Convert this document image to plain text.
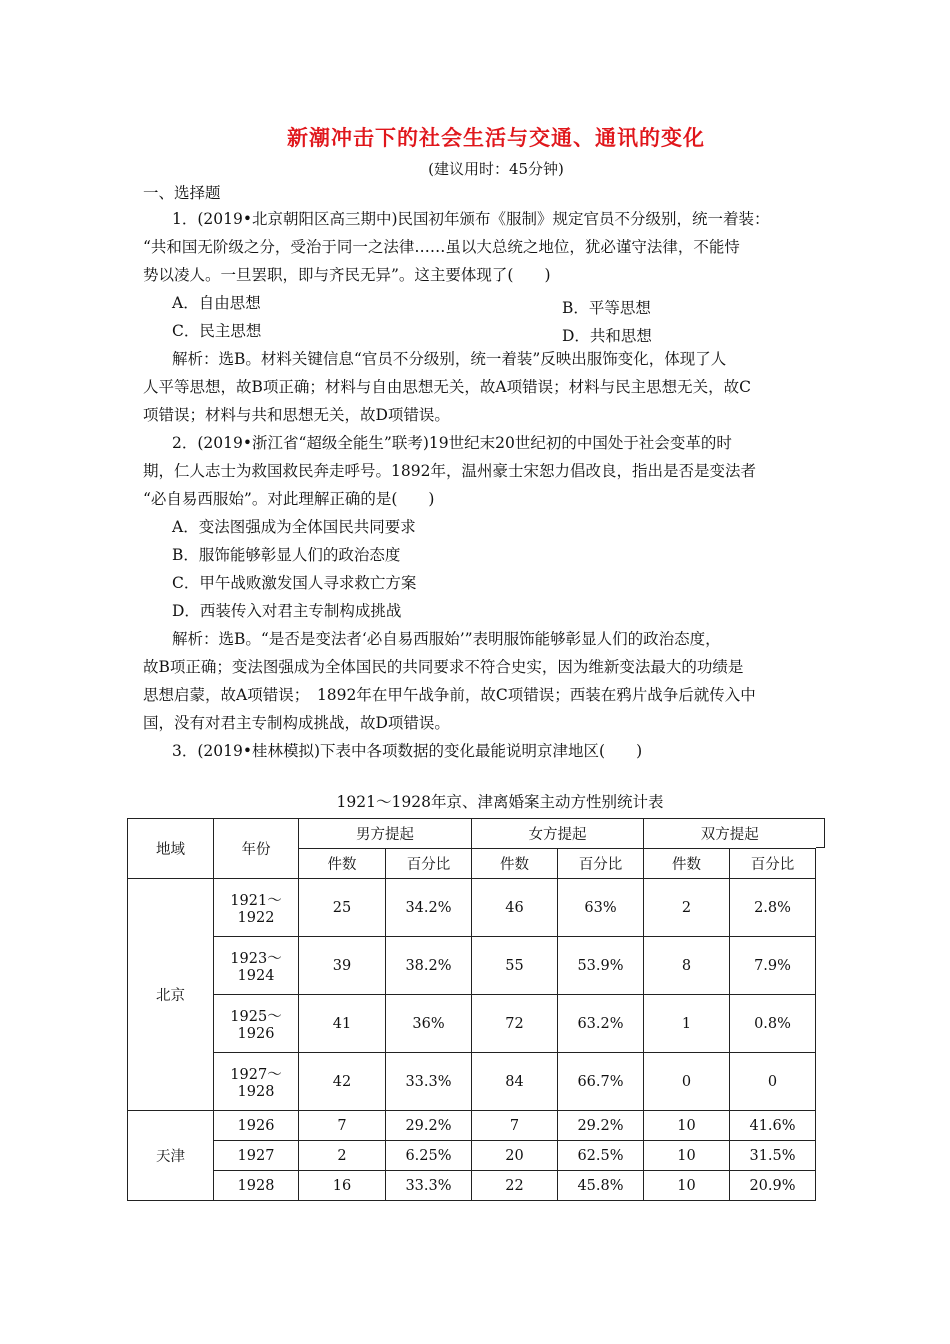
新潮冲击下的社会生活与交通、通讯的变化
(建议用时：45分钟)
一、选择题
1．(2019•北京朝阳区高三期中)民国初年颁布《服制》规定官员不分级别，统一着装：
“共和国无阶级之分，受治于同一之法律……虽以大总统之地位，犹必谨守法律，不能恃
势以凌人。一旦罢职，即与齐民无异”。这主要体现了(　　)
A．自由思想	B．平等思想
C．民主思想	D．共和思想
解析：选B。材料关键信息“官员不分级别，统一着装”反映出服饰变化，体现了人
人平等思想，故B项正确；材料与自由思想无关，故A项错误；材料与民主思想无关，故C
项错误；材料与共和思想无关，故D项错误。
2．(2019•浙江省“超级全能生”联考)19世纪末20世纪初的中国处于社会变革的时
期，仁人志士为救国救民奔走呼号。1892年，温州豪士宋恕力倡改良，指出是否是变法者
“必自易西服始”。对此理解正确的是(　　)
A．变法图强成为全体国民共同要求
B．服饰能够彰显人们的政治态度
C．甲午战败激发国人寻求救亡方案
D．西装传入对君主专制构成挑战
解析：选B。“是否是变法者‘必自易西服始’”表明服饰能够彰显人们的政治态度，
故B项正确；变法图强成为全体国民的共同要求不符合史实，因为维新变法最大的功绩是
思想启蒙，故A项错误；　1892年在甲午战争前，故C项错误；西装在鸦片战争后就传入中
国，没有对君主专制构成挑战，故D项错误。
3．(2019•桂林模拟)下表中各项数据的变化最能说明京津地区(　　)
1921～1928年京、津离婚案主动方性别统计表
地域	年份	男方提起		女方提起		双方提起	

		件数	百分比	件数	百分比	件数	百分比
北京	1921～
1922	25	34.2%	46	63%	2	2.8%
	1923～
1924	39	38.2%	55	53.9%	8	7.9%
	1925～
1926	41	36%	72	63.2%	1	0.8%
	1927～
1928	42	33.3%	84	66.7%	0	0
天津	1926	7	29.2%	7	29.2%	10	41.6%
	1927	2	6.25%	20	62.5%	10	31.5%
	1928	16	33.3%	22	45.8%	10	20.9%
